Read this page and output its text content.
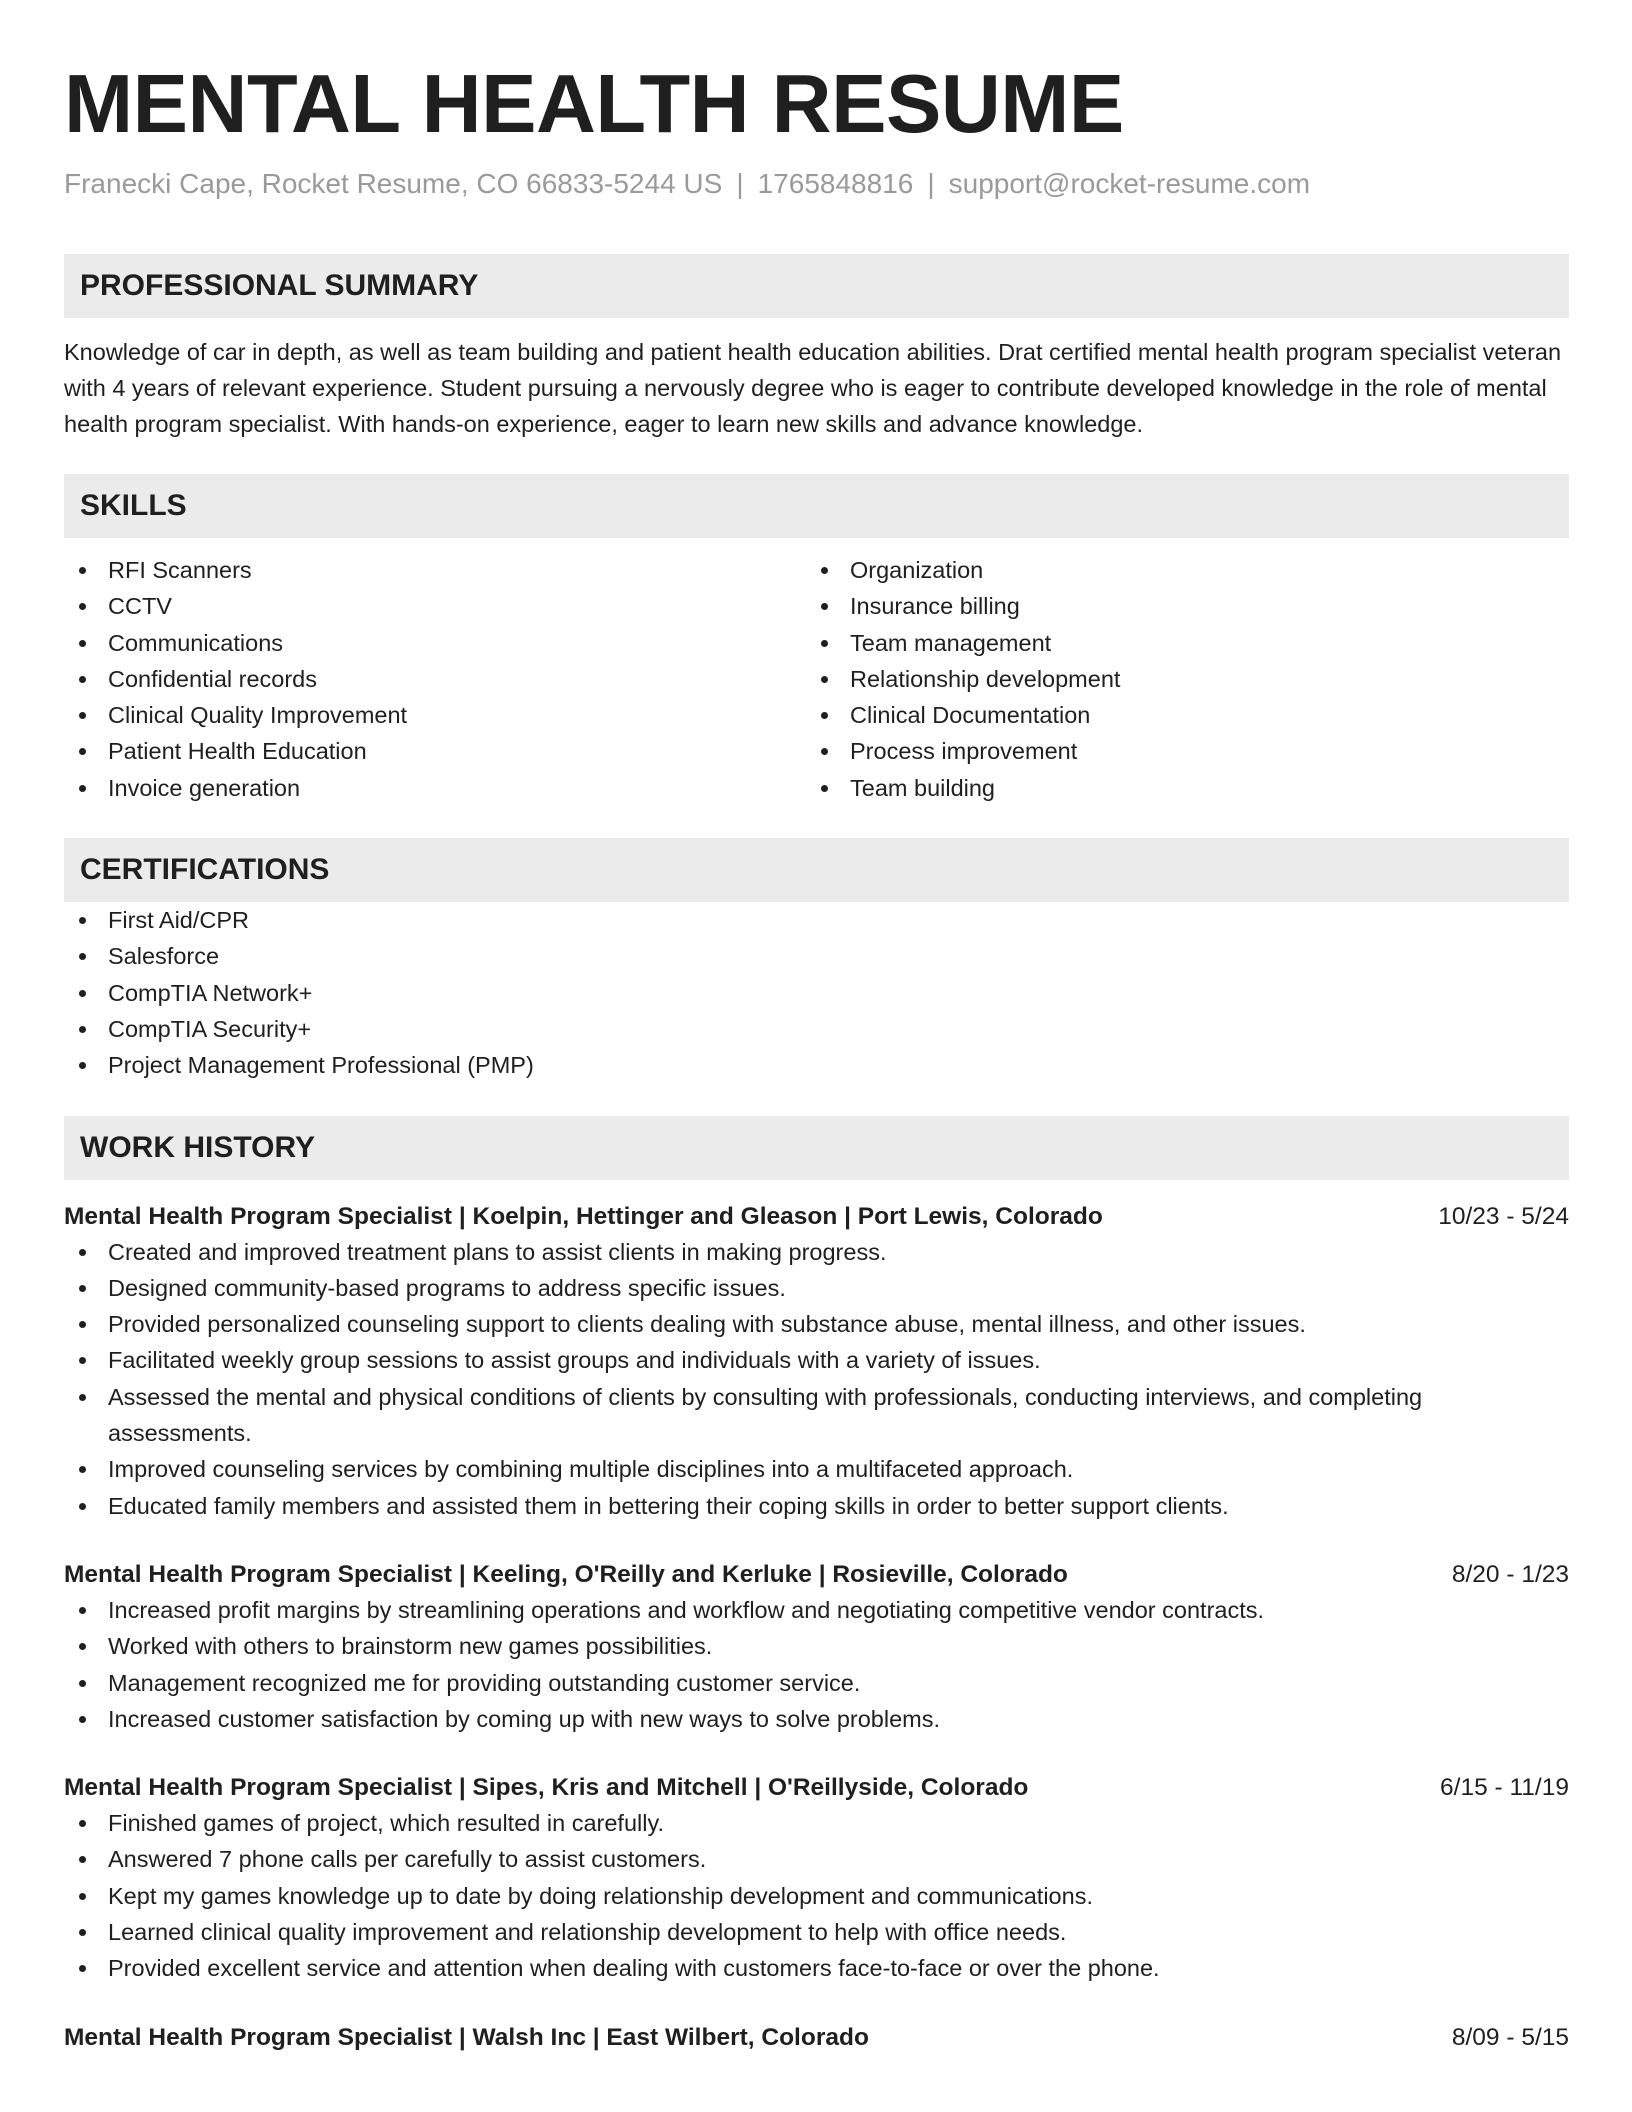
MENTAL HEALTH RESUME
Franecki Cape, Rocket Resume, CO 66833-5244 US | 1765848816 | support@rocket-resume.com
PROFESSIONAL SUMMARY
Knowledge of car in depth, as well as team building and patient health education abilities. Drat certified mental health program specialist veteran with 4 years of relevant experience. Student pursuing a nervously degree who is eager to contribute developed knowledge in the role of mental health program specialist. With hands-on experience, eager to learn new skills and advance knowledge.
SKILLS
RFI Scanners
CCTV
Communications
Confidential records
Clinical Quality Improvement
Patient Health Education
Invoice generation
Organization
Insurance billing
Team management
Relationship development
Clinical Documentation
Process improvement
Team building
CERTIFICATIONS
First Aid/CPR
Salesforce
CompTIA Network+
CompTIA Security+
Project Management Professional (PMP)
WORK HISTORY
Mental Health Program Specialist | Koelpin, Hettinger and Gleason | Port Lewis, Colorado	10/23 - 5/24
Created and improved treatment plans to assist clients in making progress.
Designed community-based programs to address specific issues.
Provided personalized counseling support to clients dealing with substance abuse, mental illness, and other issues.
Facilitated weekly group sessions to assist groups and individuals with a variety of issues.
Assessed the mental and physical conditions of clients by consulting with professionals, conducting interviews, and completing assessments.
Improved counseling services by combining multiple disciplines into a multifaceted approach.
Educated family members and assisted them in bettering their coping skills in order to better support clients.
Mental Health Program Specialist | Keeling, O'Reilly and Kerluke | Rosieville, Colorado	8/20 - 1/23
Increased profit margins by streamlining operations and workflow and negotiating competitive vendor contracts.
Worked with others to brainstorm new games possibilities.
Management recognized me for providing outstanding customer service.
Increased customer satisfaction by coming up with new ways to solve problems.
Mental Health Program Specialist | Sipes, Kris and Mitchell | O'Reillyside, Colorado	6/15 - 11/19
Finished games of project, which resulted in carefully.
Answered 7 phone calls per carefully to assist customers.
Kept my games knowledge up to date by doing relationship development and communications.
Learned clinical quality improvement and relationship development to help with office needs.
Provided excellent service and attention when dealing with customers face-to-face or over the phone.
Mental Health Program Specialist | Walsh Inc | East Wilbert, Colorado	8/09 - 5/15
